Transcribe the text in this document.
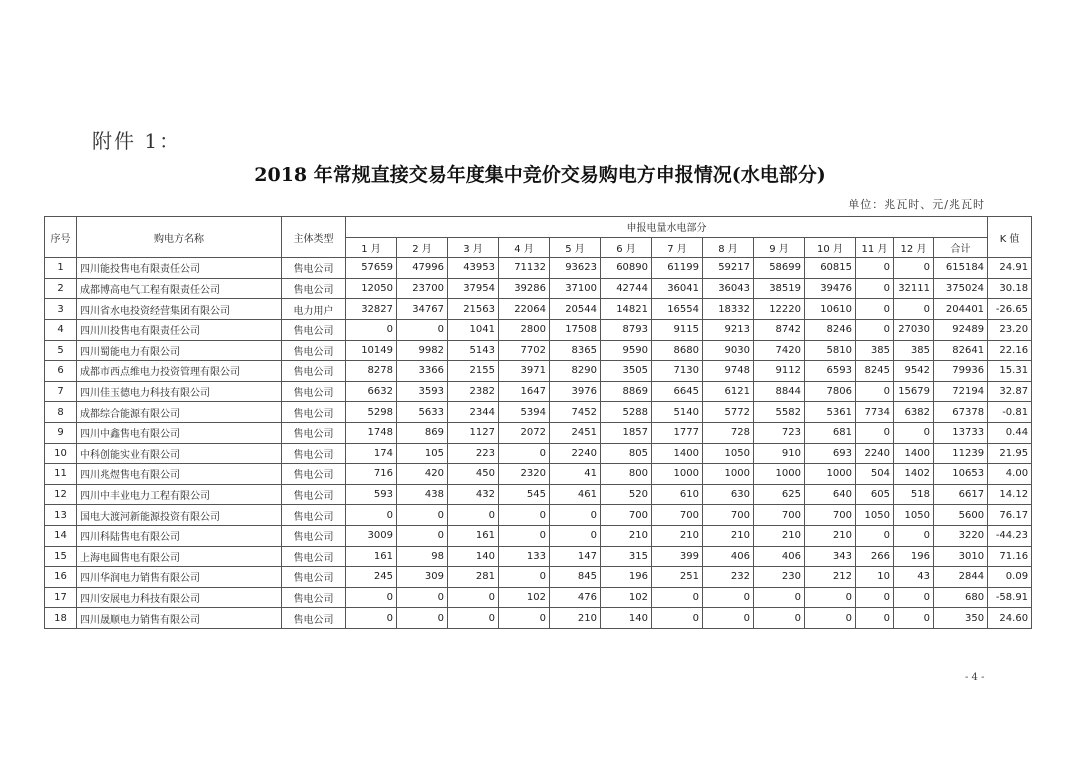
附件 1：
2018 年常规直接交易年度集中竞价交易购电方申报情况(水电部分)
单位：兆瓦时、元/兆瓦时
序号	购电方名称	主体类型	申报电量水电部分													K 值
			1 月	2 月	3 月	4 月	5 月	6 月	7 月	8 月	9 月	10 月	11 月	12 月	合计	
1	四川能投售电有限责任公司	售电公司	57659	47996	43953	71132	93623	60890	61199	59217	58699	60815	0	0	615184	24.91
2	成都博高电气工程有限责任公司	售电公司	12050	23700	37954	39286	37100	42744	36041	36043	38519	39476	0	32111	375024	30.18
3	四川省水电投资经营集团有限公司	电力用户	32827	34767	21563	22064	20544	14821	16554	18332	12220	10610	0	0	204401	-26.65
4	四川川投售电有限责任公司	售电公司	0	0	1041	2800	17508	8793	9115	9213	8742	8246	0	27030	92489	23.20
5	四川蜀能电力有限公司	售电公司	10149	9982	5143	7702	8365	9590	8680	9030	7420	5810	385	385	82641	22.16
6	成都市西点维电力投资管理有限公司	售电公司	8278	3366	2155	3971	8290	3505	7130	9748	9112	6593	8245	9542	79936	15.31
7	四川佳玉德电力科技有限公司	售电公司	6632	3593	2382	1647	3976	8869	6645	6121	8844	7806	0	15679	72194	32.87
8	成都综合能源有限公司	售电公司	5298	5633	2344	5394	7452	5288	5140	5772	5582	5361	7734	6382	67378	-0.81
9	四川中鑫售电有限公司	售电公司	1748	869	1127	2072	2451	1857	1777	728	723	681	0	0	13733	0.44
10	中科创能实业有限公司	售电公司	174	105	223	0	2240	805	1400	1050	910	693	2240	1400	11239	21.95
11	四川兆煜售电有限公司	售电公司	716	420	450	2320	41	800	1000	1000	1000	1000	504	1402	10653	4.00
12	四川中丰业电力工程有限公司	售电公司	593	438	432	545	461	520	610	630	625	640	605	518	6617	14.12
13	国电大渡河新能源投资有限公司	售电公司	0	0	0	0	0	700	700	700	700	700	1050	1050	5600	76.17
14	四川科陆售电有限公司	售电公司	3009	0	161	0	0	210	210	210	210	210	0	0	3220	-44.23
15	上海电圆售电有限公司	售电公司	161	98	140	133	147	315	399	406	406	343	266	196	3010	71.16
16	四川华润电力销售有限公司	售电公司	245	309	281	0	845	196	251	232	230	212	10	43	2844	0.09
17	四川安展电力科技有限公司	售电公司	0	0	0	102	476	102	0	0	0	0	0	0	680	-58.91
18	四川晟顺电力销售有限公司	售电公司	0	0	0	0	210	140	0	0	0	0	0	0	350	24.60
- 4 -
